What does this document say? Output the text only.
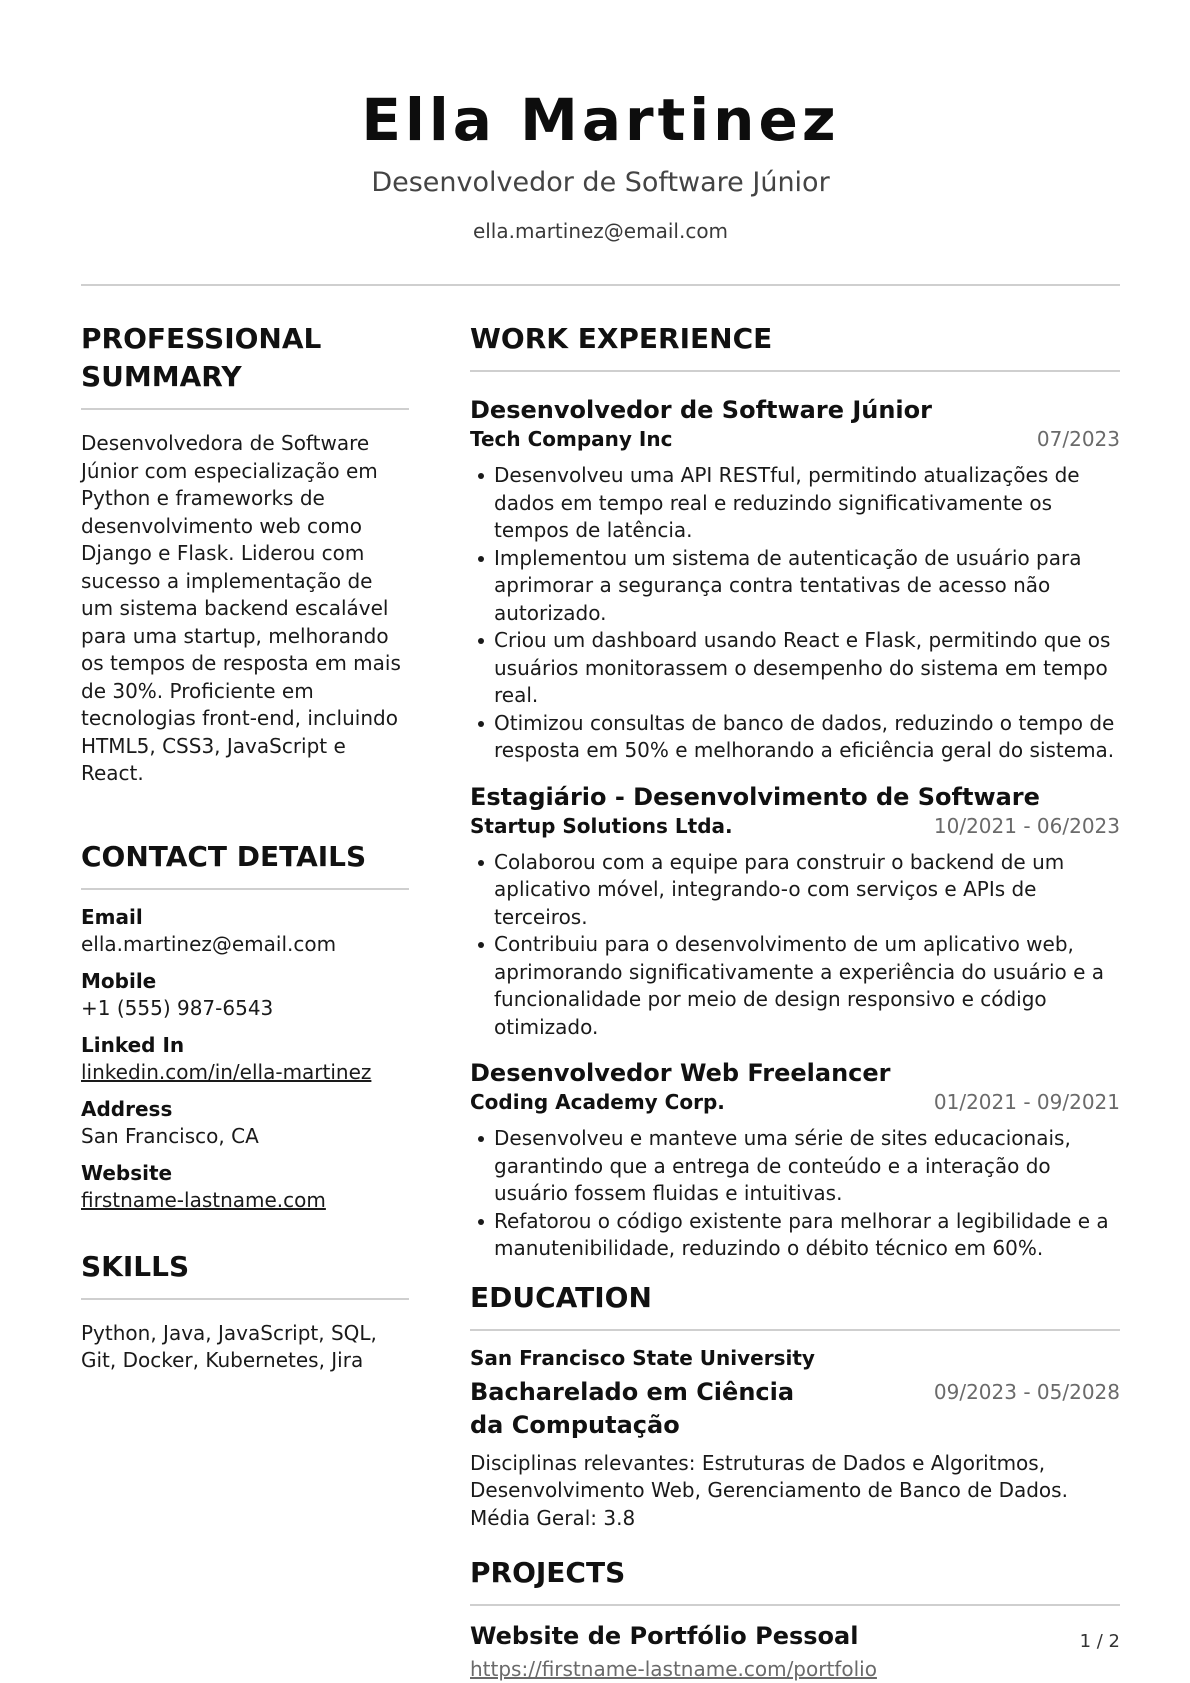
Ella Martinez
Desenvolvedor de Software Júnior
ella.martinez@email.com
PROFESSIONAL SUMMARY

Desenvolvedora de Software Júnior com especialização em Python e frameworks de desenvolvimento web como Django e Flask. Liderou com sucesso a implementação de um sistema backend escalável para uma startup, melhorando os tempos de resposta em mais de 30%. Proficiente em tecnologias front-end, incluindo HTML5, CSS3, JavaScript e React.

CONTACT DETAILS
Email
ella.martinez@email.com
Mobile
+1 (555) 987-6543
Linked In
linkedin.com/in/ella-martinez
Address
San Francisco, CA
Website
firstname-lastname.com
SKILLS

Python, Java, JavaScript, SQL, Git, Docker, Kubernetes, Jira

WORK EXPERIENCE
Desenvolvedor de Software Júnior
Tech Company Inc	07/2023
Desenvolveu uma API RESTful, permitindo atualizações de dados em tempo real e reduzindo significativamente os tempos de latência.
Implementou um sistema de autenticação de usuário para aprimorar a segurança contra tentativas de acesso não autorizado.
Criou um dashboard usando React e Flask, permitindo que os usuários monitorassem o desempenho do sistema em tempo real.
Otimizou consultas de banco de dados, reduzindo o tempo de resposta em 50% e melhorando a eficiência geral do sistema.
Estagiário - Desenvolvimento de Software
Startup Solutions Ltda.	10/2021 - 06/2023
Colaborou com a equipe para construir o backend de um aplicativo móvel, integrando-o com serviços e APIs de terceiros.
Contribuiu para o desenvolvimento de um aplicativo web, aprimorando significativamente a experiência do usuário e a funcionalidade por meio de design responsivo e código otimizado.
Desenvolvedor Web Freelancer
Coding Academy Corp.	01/2021 - 09/2021
Desenvolveu e manteve uma série de sites educacionais, garantindo que a entrega de conteúdo e a interação do usuário fossem fluidas e intuitivas.
Refatorou o código existente para melhorar a legibilidade e a manutenibilidade, reduzindo o débito técnico em 60%.
EDUCATION
San Francisco State University
Bacharelado em Ciência da Computação
09/2023 - 05/2028

Disciplinas relevantes: Estruturas de Dados e Algoritmos, Desenvolvimento Web, Gerenciamento de Banco de Dados. Média Geral: 3.8

PROJECTS
Website de Portfólio Pessoal
https://firstname-lastname.com/portfolio
1 / 2
